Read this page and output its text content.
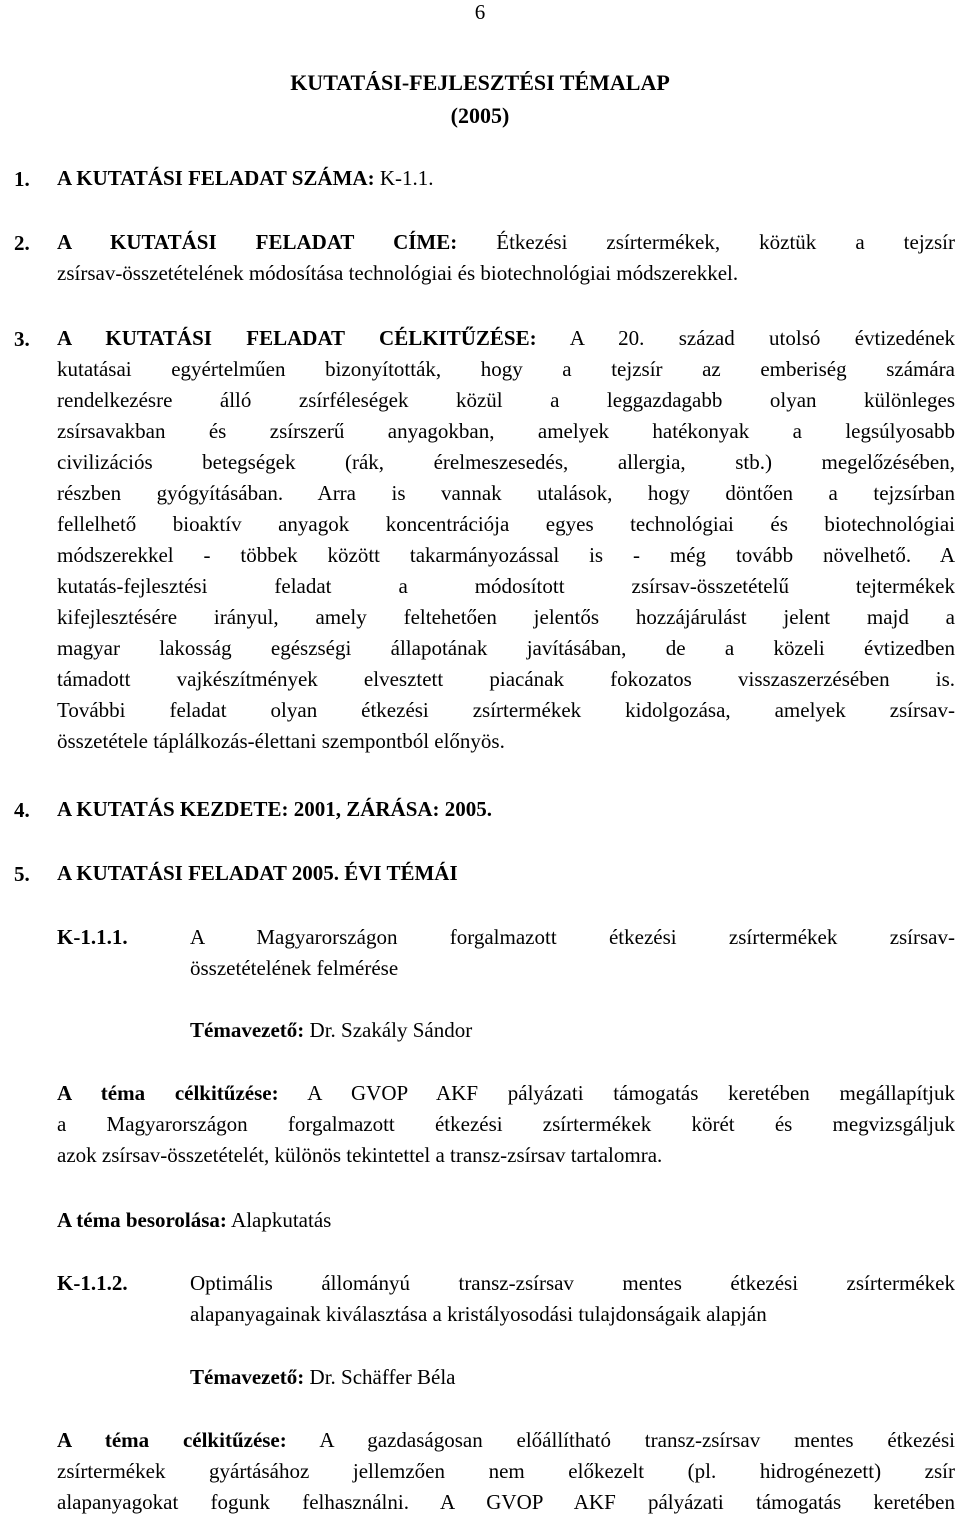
6
KUTATÁSI-FEJLESZTÉSI TÉMALAP
(2005)
1. A KUTATÁSI FELADAT SZÁMA: K-1.1.
2. A KUTATÁSI FELADAT CÍME: Étkezési zsírtermékek, köztük a tejzsír
zsírsav-összetételének módosítása technológiai és biotechnológiai módszerekkel.
3. A KUTATÁSI FELADAT CÉLKITŰZÉSE: A 20. század utolsó évtizedének
kutatásai egyértelműen bizonyították, hogy a tejzsír az emberiség számára
rendelkezésre álló zsírféleségek közül a leggazdagabb olyan különleges
zsírsavakban és zsírszerű anyagokban, amelyek hatékonyak a legsúlyosabb
civilizációs betegségek (rák, érelmeszesedés, allergia, stb.) megelőzésében,
részben gyógyításában. Arra is vannak utalások, hogy döntően a tejzsírban
fellelhető bioaktív anyagok koncentrációja egyes technológiai és biotechnológiai
módszerekkel - többek között takarmányozással is - még tovább növelhető. A
kutatás-fejlesztési feladat a módosított zsírsav-összetételű tejtermékek
kifejlesztésére irányul, amely feltehetően jelentős hozzájárulást jelent majd a
magyar lakosság egészségi állapotának javításában, de a közeli évtizedben
támadott vajkészítmények elvesztett piacának fokozatos visszaszerzésében is.
További feladat olyan étkezési zsírtermékek kidolgozása, amelyek zsírsav-
összetétele táplálkozás-élettani szempontból előnyös.
4. A KUTATÁS KEZDETE: 2001, ZÁRÁSA: 2005.
5. A KUTATÁSI FELADAT 2005. ÉVI TÉMÁI
K-1.1.1.	A Magyarországon forgalmazott étkezési zsírtermékek zsírsav-
összetételének felmérése
Témavezető: Dr. Szakály Sándor
A téma célkitűzése: A GVOP AKF pályázati támogatás keretében megállapítjuk
a Magyarországon forgalmazott étkezési zsírtermékek körét és megvizsgáljuk
azok zsírsav-összetételét, különös tekintettel a transz-zsírsav tartalomra.
A téma besorolása: Alapkutatás
K-1.1.2.	Optimális állományú transz-zsírsav mentes étkezési zsírtermékek
alapanyagainak kiválasztása a kristályosodási tulajdonságaik alapján
Témavezető: Dr. Schäffer Béla
A téma célkitűzése: A gazdaságosan előállítható transz-zsírsav mentes étkezési
zsírtermékek gyártásához jellemzően nem előkezelt (pl. hidrogénezett) zsír
alapanyagokat fogunk felhasználni. A GVOP AKF pályázati támogatás keretében
